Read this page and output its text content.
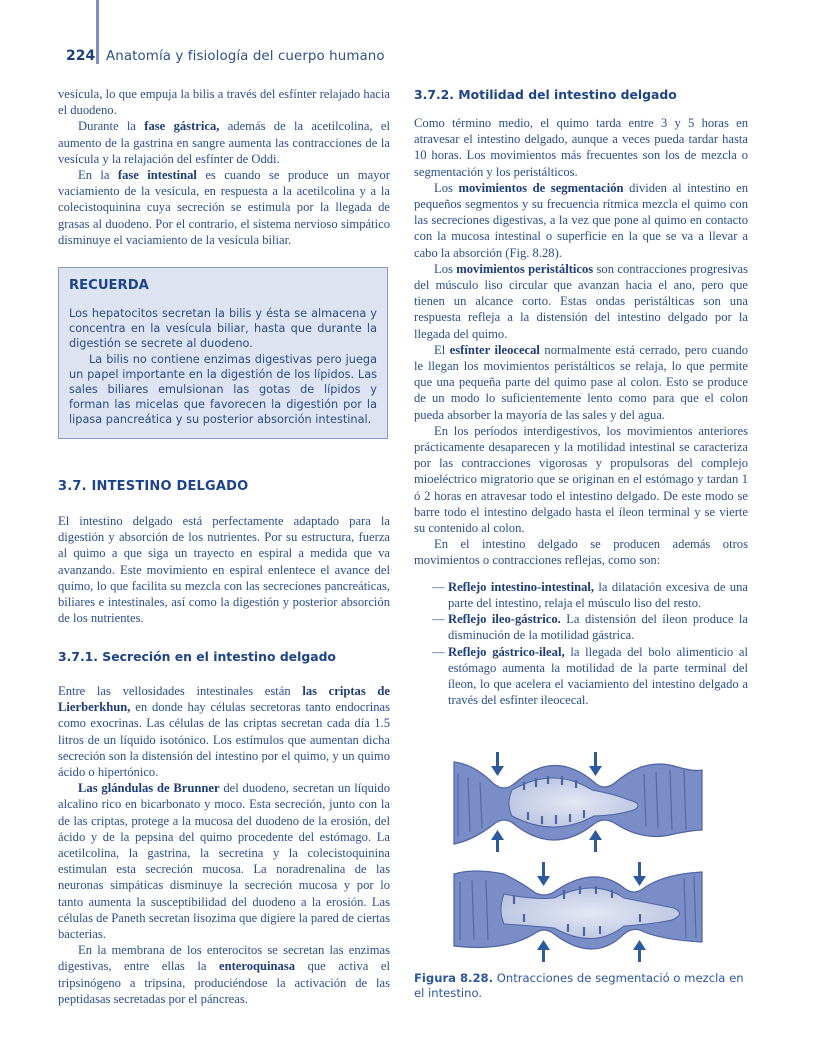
224 Anatomía y fisiología del cuerpo humano

vesícula, lo que empuja la bilis a través del esfínter relajado hacia el duodeno.

Durante la fase gástrica, además de la acetilcolina, el aumento de la gastrina en sangre aumenta las contracciones de la vesícula y la relajación del esfínter de Oddi.

En la fase intestinal es cuando se produce un mayor vaciamiento de la vesícula, en respuesta a la acetilcolina y a la colecistoquinina cuya secreción se estimula por la llegada de grasas al duodeno. Por el contrario, el sistema nervioso simpático disminuye el vaciamiento de la vesícula biliar.

RECUERDA

Los hepatocitos secretan la bilis y ésta se almacena y concentra en la vesícula biliar, hasta que durante la digestión se secrete al duodeno.

La bilis no contiene enzimas digestivas pero juega un papel importante en la digestión de los lípidos. Las sales biliares emulsionan las gotas de lípidos y forman las micelas que favorecen la digestión por la lipasa pancreática y su posterior absorción intestinal.

3.7. INTESTINO DELGADO

El intestino delgado está perfectamente adaptado para la digestión y absorción de los nutrientes. Por su estructura, fuerza al quimo a que siga un trayecto en espiral a medida que va avanzando. Este movimiento en espiral enlentece el avance del quimo, lo que facilita su mezcla con las secreciones pancreáticas, biliares e intestinales, así como la digestión y posterior absorción de los nutrientes.

3.7.1. Secreción en el intestino delgado

Entre las vellosidades intestinales están las criptas de Lierberkhun, en donde hay células secretoras tanto endocrinas como exocrinas. Las células de las criptas secretan cada día 1.5 litros de un líquido isotónico. Los estímulos que aumentan dicha secreción son la distensión del intestino por el quimo, y un quimo ácido o hipertónico.

Las glándulas de Brunner del duodeno, secretan un líquido alcalino rico en bicarbonato y moco. Esta secreción, junto con la de las criptas, protege a la mucosa del duodeno de la erosión, del ácido y de la pepsina del quimo procedente del estómago. La acetilcolina, la gastrina, la secretina y la colecistoquinina estimulan esta secreción mucosa. La noradrenalina de las neuronas simpáticas disminuye la secreción mucosa y por lo tanto aumenta la susceptibilidad del duodeno a la erosión. Las células de Paneth secretan lisozima que digiere la pared de ciertas bacterias.

En la membrana de los enterocitos se secretan las enzimas digestivas, entre ellas la enteroquinasa que activa el tripsinógeno a tripsina, produciéndose la activación de las peptidasas secretadas por el páncreas.

3.7.2. Motilidad del intestino delgado

Como término medio, el quimo tarda entre 3 y 5 horas en atravesar el intestino delgado, aunque a veces pueda tardar hasta 10 horas. Los movimientos más frecuentes son los de mezcla o segmentación y los peristálticos.

Los movimientos de segmentación dividen al intestino en pequeños segmentos y su frecuencia rítmica mezcla el quimo con las secreciones digestivas, a la vez que pone al quimo en contacto con la mucosa intestinal o superficie en la que se va a llevar a cabo la absorción (Fig. 8.28).

Los movimientos peristálticos son contracciones progresivas del músculo liso circular que avanzan hacia el ano, pero que tienen un alcance corto. Estas ondas peristálticas son una respuesta refleja a la distensión del intestino delgado por la llegada del quimo.

El esfínter ileocecal normalmente está cerrado, pero cuando le llegan los movimientos peristálticos se relaja, lo que permite que una pequeña parte del quimo pase al colon. Esto se produce de un modo lo suficientemente lento como para que el colon pueda absorber la mayoría de las sales y del agua.

En los períodos interdigestivos, los movimientos anteriores prácticamente desaparecen y la motilidad intestinal se caracteriza por las contracciones vigorosas y propulsoras del complejo mioeléctrico migratorio que se originan en el estómago y tardan 1 ó 2 horas en atravesar todo el intestino delgado. De este modo se barre todo el intestino delgado hasta el íleon terminal y se vierte su contenido al colon.

En el intestino delgado se producen además otros movimientos o contracciones reflejas, como son:

— Reflejo intestino-intestinal, la dilatación excesiva de una parte del intestino, relaja el músculo liso del resto.
— Reflejo ileo-gástrico. La distensión del íleon produce la disminución de la motilidad gástrica.
— Reflejo gástrico-ileal, la llegada del bolo alimenticio al estómago aumenta la motilidad de la parte terminal del íleon, lo que acelera el vaciamiento del intestino delgado a través del esfínter ileocecal.
Figura 8.28. Ontracciones de segmentació o mezcla en el intestino.
